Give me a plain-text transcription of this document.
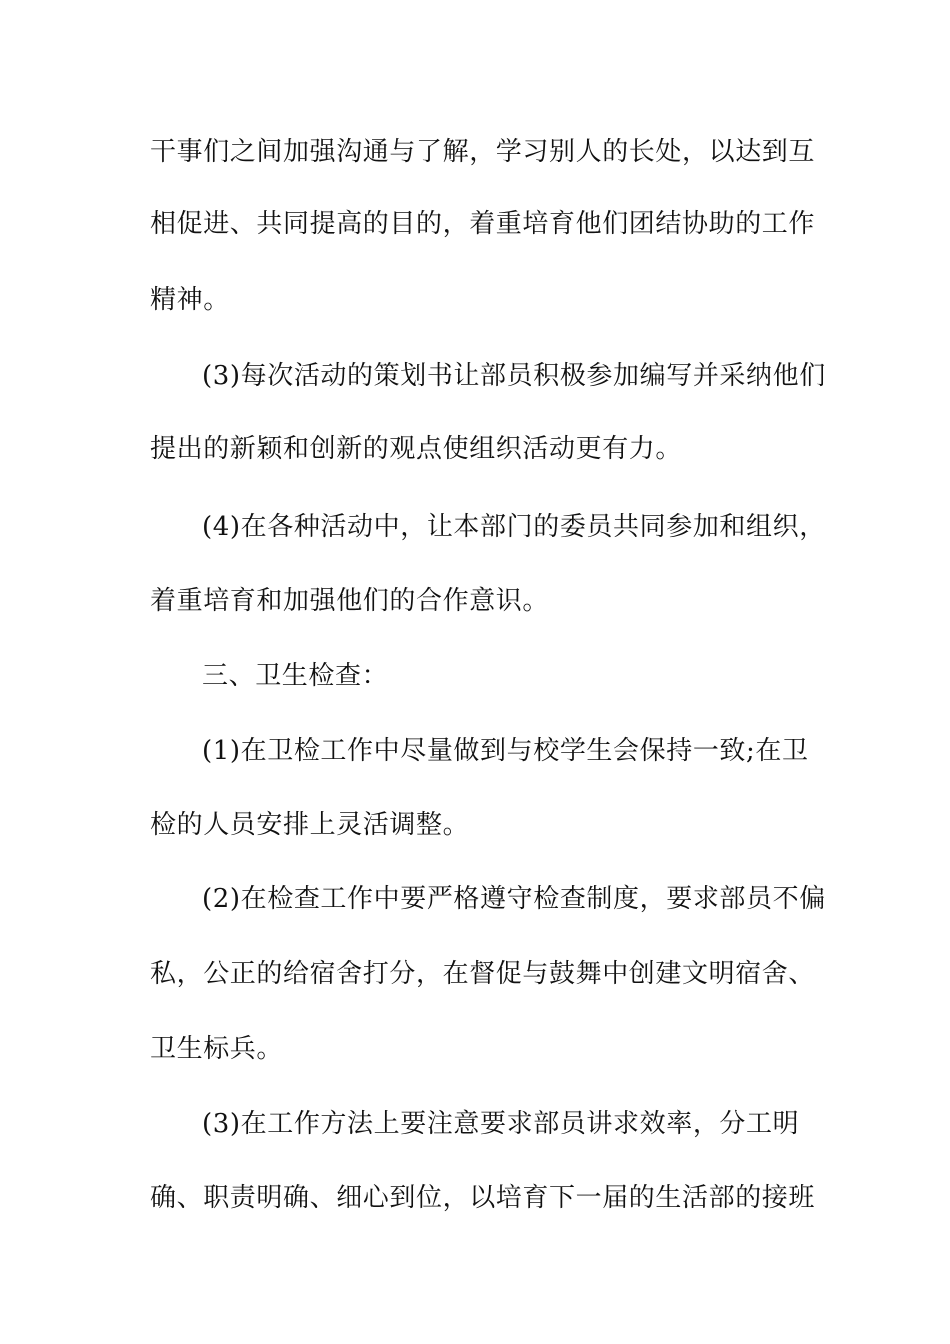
干事们之间加强沟通与了解，学习别人的长处，以达到互
相促进、共同提高的目的，着重培育他们团结协助的工作
精神。
(3)每次活动的策划书让部员积极参加编写并采纳他们
提出的新颖和创新的观点使组织活动更有力。
(4)在各种活动中，让本部门的委员共同参加和组织，
着重培育和加强他们的合作意识。
三、卫生检查：
(1)在卫检工作中尽量做到与校学生会保持一致;在卫
检的人员安排上灵活调整。
(2)在检查工作中要严格遵守检查制度，要求部员不偏
私，公正的给宿舍打分，在督促与鼓舞中创建文明宿舍、
卫生标兵。
(3)在工作方法上要注意要求部员讲求效率，分工明
确、职责明确、细心到位，以培育下一届的生活部的接班
